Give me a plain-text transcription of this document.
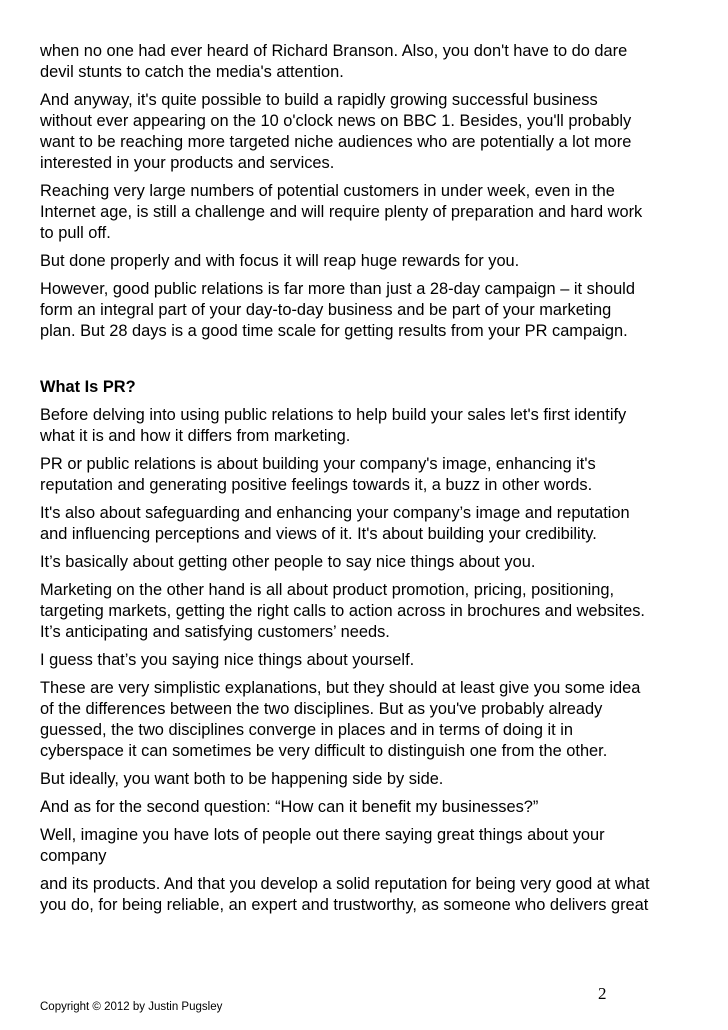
when no one had ever heard of Richard Branson. Also, you don't have to do dare
devil stunts to catch the media's attention.
And anyway, it's quite possible to build a rapidly growing successful business
without ever appearing on the 10 o'clock news on BBC 1. Besides, you'll probably
want to be reaching more targeted niche audiences who are potentially a lot more
interested in your products and services.
Reaching very large numbers of potential customers in under week, even in the
Internet age, is still a challenge and will require plenty of preparation and hard work
to pull off.
But done properly and with focus it will reap huge rewards for you.
However, good public relations is far more than just a 28-day campaign – it should
form an integral part of your day-to-day business and be part of your marketing
plan. But 28 days is a good time scale for getting results from your PR campaign.
What Is PR?
Before delving into using public relations to help build your sales let's first identify
what it is and how it differs from marketing.
PR or public relations is about building your company's image, enhancing it's
reputation and generating positive feelings towards it, a buzz in other words.
It's also about safeguarding and enhancing your company’s image and reputation
and influencing perceptions and views of it. It's about building your credibility.
It’s basically about getting other people to say nice things about you.
Marketing on the other hand is all about product promotion, pricing, positioning,
targeting markets, getting the right calls to action across in brochures and websites.
It’s anticipating and satisfying customers’ needs.
I guess that’s you saying nice things about yourself.
These are very simplistic explanations, but they should at least give you some idea
of the differences between the two disciplines. But as you've probably already
guessed, the two disciplines converge in places and in terms of doing it in
cyberspace it can sometimes be very difficult to distinguish one from the other.
But ideally, you want both to be happening side by side.
And as for the second question: “How can it benefit my businesses?”
Well, imagine you have lots of people out there saying great things about your
company
and its products. And that you develop a solid reputation for being very good at what
you do, for being reliable, an expert and trustworthy, as someone who delivers great
2
Copyright © 2012 by Justin Pugsley
